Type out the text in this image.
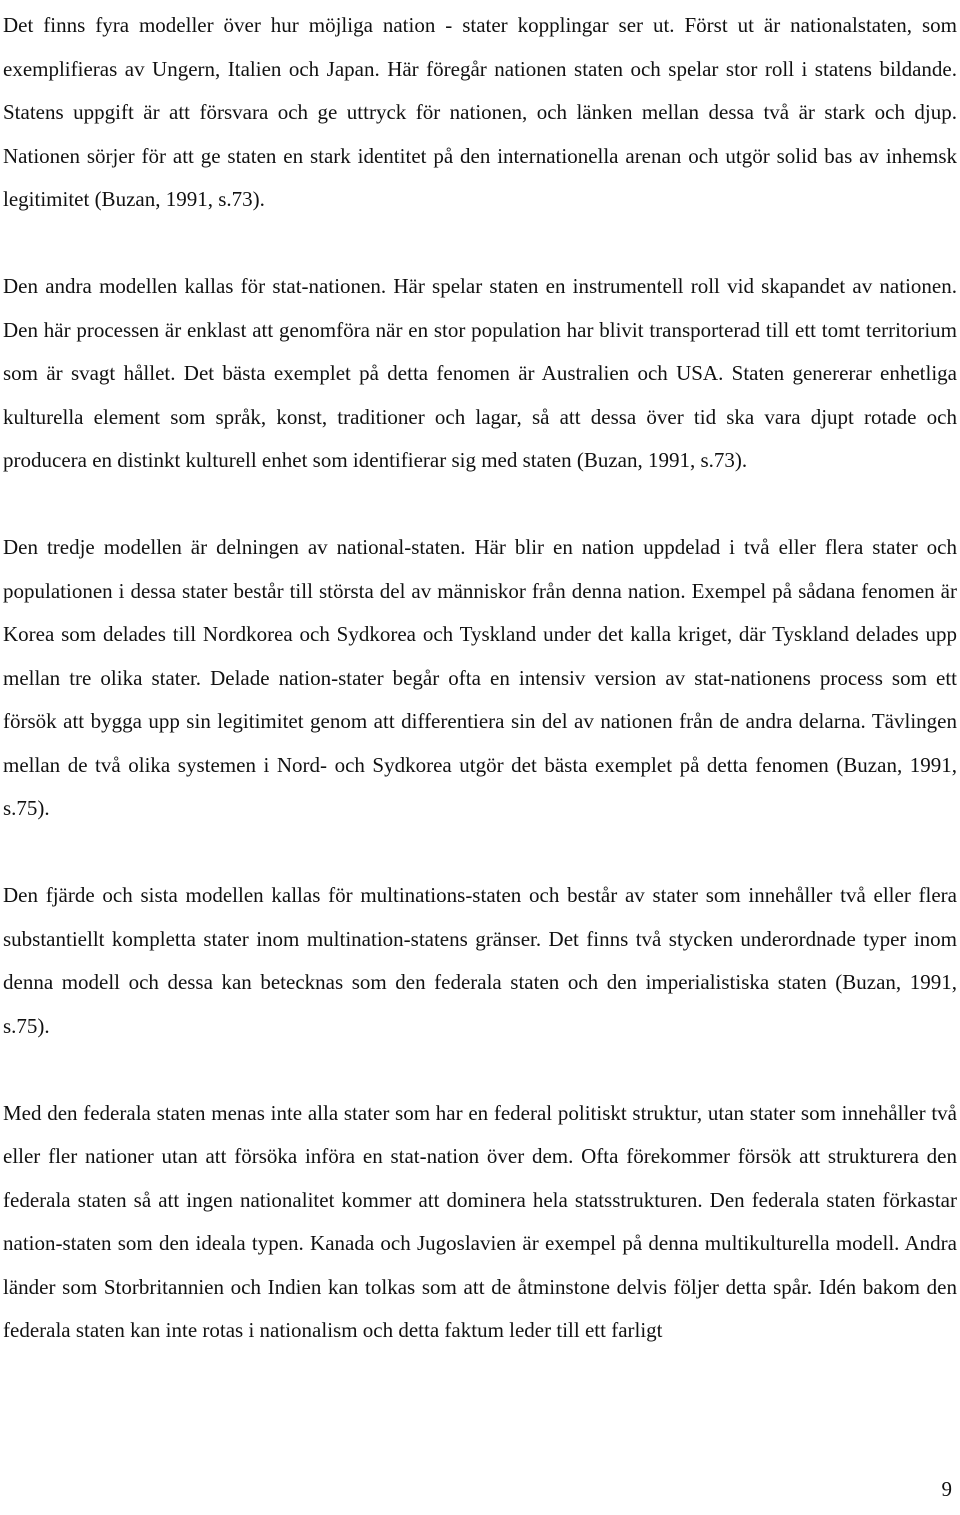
Det finns fyra modeller över hur möjliga nation - stater kopplingar ser ut. Först ut är nationalstaten, som exemplifieras av Ungern, Italien och Japan. Här föregår nationen staten och spelar stor roll i statens bildande. Statens uppgift är att försvara och ge uttryck för nationen, och länken mellan dessa två är stark och djup. Nationen sörjer för att ge staten en stark identitet på den internationella arenan och utgör solid bas av inhemsk legitimitet (Buzan, 1991, s.73).

Den andra modellen kallas för stat-nationen. Här spelar staten en instrumentell roll vid skapandet av nationen. Den här processen är enklast att genomföra när en stor population har blivit transporterad till ett tomt territorium som är svagt hållet. Det bästa exemplet på detta fenomen är Australien och USA. Staten genererar enhetliga kulturella element som språk, konst, traditioner och lagar, så att dessa över tid ska vara djupt rotade och producera en distinkt kulturell enhet som identifierar sig med staten (Buzan, 1991, s.73).

Den tredje modellen är delningen av national-staten. Här blir en nation uppdelad i två eller flera stater och populationen i dessa stater består till största del av människor från denna nation. Exempel på sådana fenomen är Korea som delades till Nordkorea och Sydkorea och Tyskland under det kalla kriget, där Tyskland delades upp mellan tre olika stater. Delade nation-stater begår ofta en intensiv version av stat-nationens process som ett försök att bygga upp sin legitimitet genom att differentiera sin del av nationen från de andra delarna. Tävlingen mellan de två olika systemen i Nord- och Sydkorea utgör det bästa exemplet på detta fenomen (Buzan, 1991, s.75).

Den fjärde och sista modellen kallas för multinations-staten och består av stater som innehåller två eller flera substantiellt kompletta stater inom multination-statens gränser. Det finns två stycken underordnade typer inom denna modell och dessa kan betecknas som den federala staten och den imperialistiska staten (Buzan, 1991, s.75).

Med den federala staten menas inte alla stater som har en federal politiskt struktur, utan stater som innehåller två eller fler nationer utan att försöka införa en stat-nation över dem. Ofta förekommer försök att strukturera den federala staten så att ingen nationalitet kommer att dominera hela statsstrukturen. Den federala staten förkastar nation-staten som den ideala typen. Kanada och Jugoslavien är exempel på denna multikulturella modell. Andra länder som Storbritannien och Indien kan tolkas som att de åtminstone delvis följer detta spår. Idén bakom den federala staten kan inte rotas i nationalism och detta faktum leder till ett farligt

9
